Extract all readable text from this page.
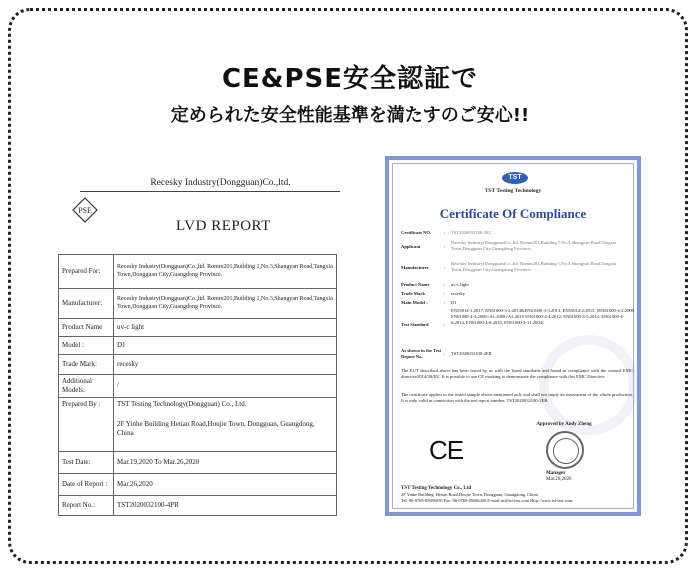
CE&PSE安全認証で
定められた安全性能基準を満たすのご安心!!
Recesky Industry(Dongguan)Co.,ltd.
PSE
LVD REPORT
Prepared For:	Recesky Industry(Dongguan)Co.,ltd. Romm201,Building 1,No.3,Shangyan Road,Tangxia Town,Dongguan City,Guangdong Province.
Manufacturer:	Recesky Industry(Dongguan)Co.,ltd. Romm201,Building 1,No.3,Shangyan Road,Tangxia Town,Dongguan City,Guangdong Province.
Product Name	uv-c light
Model :	D1
Trade Mark:	recesky
Additional Models:	/
Prepared By :	TST Testing Technology(Dongguan) Co., Ltd.
2F Yinhe Building Hetian Road,Houjie Town, Dongguan, Guangdong, China

Test Date:	Mar.19,2020 To Mar.26,2020
Date of Report :	Mar.26,2020
Report No.:	TST2020032100-4PR
TST
TST Testing Technology
Certificate Of Compliance
Certificate NO.	: TST2020032100-2EC
Applicant	:
Recesky Industry(Dongguan)Co.,ltd. Romm201,Building 1,No.3,Shangyan Road,Tangxia Town,Dongguan City,Guangdong Province.
Manufacturer	:
Recesky Industry(Dongguan)Co.,ltd. Romm201,Building 1,No.3,Shangyan Road,Tangxia Town,Dongguan City,Guangdong Province.
Product Name	: uv-c light
Trade Mark	: recesky
Main Model :	: D1
Test Standard	:
EN55014-1:2017, EN61000-3-2:2014&EN61000-3-3:2013, EN55014-2:2015, (EN61000-4-2:2009, EN61000-4-3:2006+A1:2008+A2:2010 EN61000-4-4:2012, EN61000-4-5:2014, EN61000-4-6:2014, EN61000-4-8:2010, EN61000-4-11:2004)
As shown in the Test Report No.
: TST2020032100-2ER
The EUT described above has been tested by us with the listed standards and found in compliance with the council EMC directive2014/30/EU. It is possible to use CE marking to demonstrate the compliance with this EMC Directive.
The certificate applies to the tested sample above mentioned only and shall not imply an assessment of the whole production. It is only valid in connection with the test report number. TST2020032100-2ER
CE
Approved by Andy Zheng
Manager
Mar.26,2020
TST Testing Technology Co., Ltd
2F Yinhe Building, Hetian Road,Houjie Town, Dongguan, Guangdong, China
Tel: 86-0769-85686050 Fax: 86-0769-85686450 E-mail:tst@tst-test.com Http://www.tst-test.com
